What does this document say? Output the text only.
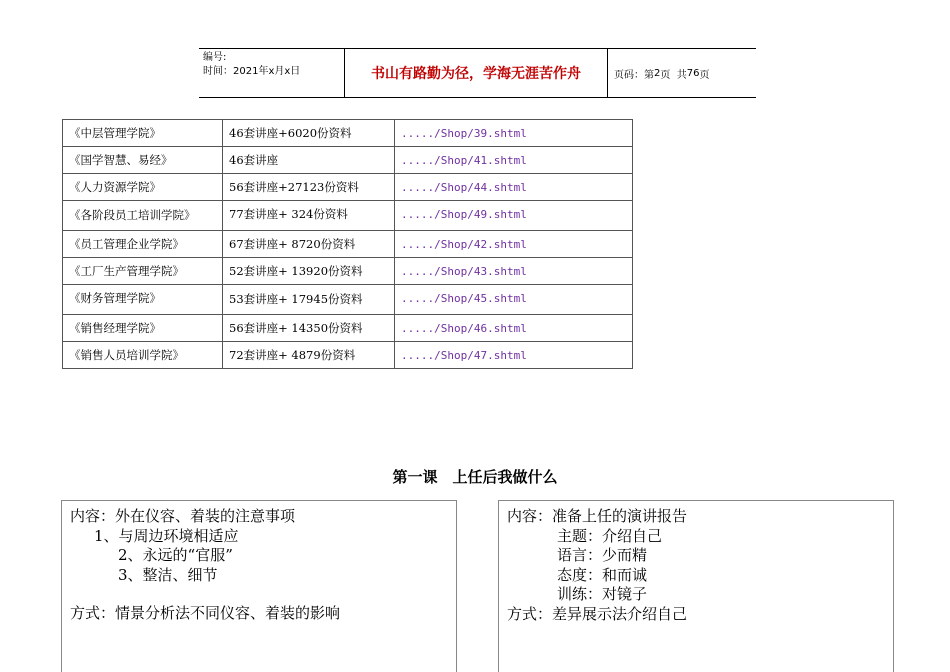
编号:
时间：2021年x月x日	书山有路勤为径，学海无涯苦作舟	页码：第 2 页  共 76 页
《中层管理学院》	46套讲座+6020份资料	...../Shop/39.shtml
《国学智慧、易经》	46套讲座	...../Shop/41.shtml
《人力资源学院》	56套讲座+27123份资料	...../Shop/44.shtml
《各阶段员工培训学院》	77套讲座+ 324份资料	...../Shop/49.shtml
《员工管理企业学院》	67套讲座+ 8720份资料	...../Shop/42.shtml
《工厂生产管理学院》	52套讲座+ 13920份资料	...../Shop/43.shtml
《财务管理学院》	53套讲座+ 17945份资料	...../Shop/45.shtml
《销售经理学院》	56套讲座+ 14350份资料	...../Shop/46.shtml
《销售人员培训学院》	72套讲座+ 4879份资料	...../Shop/47.shtml
第一课　上任后我做什么
内容：外在仪容、着装的注意事项
1、与周边环境相适应
2、永远的“官服”
3、整洁、细节
方式：情景分析法不同仪容、着装的影响
内容：准备上任的演讲报告
主题：介绍自己
语言：少而精
态度：和而诚
训练：对镜子
方式：差异展示法介绍自己
